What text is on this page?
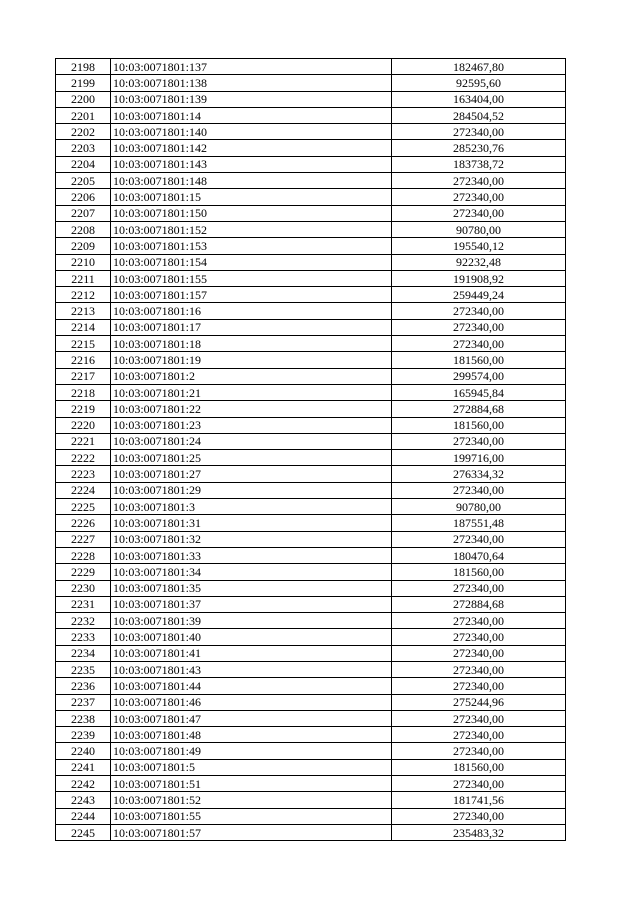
2198	10:03:0071801:137	182467,80
2199	10:03:0071801:138	92595,60
2200	10:03:0071801:139	163404,00
2201	10:03:0071801:14	284504,52
2202	10:03:0071801:140	272340,00
2203	10:03:0071801:142	285230,76
2204	10:03:0071801:143	183738,72
2205	10:03:0071801:148	272340,00
2206	10:03:0071801:15	272340,00
2207	10:03:0071801:150	272340,00
2208	10:03:0071801:152	90780,00
2209	10:03:0071801:153	195540,12
2210	10:03:0071801:154	92232,48
2211	10:03:0071801:155	191908,92
2212	10:03:0071801:157	259449,24
2213	10:03:0071801:16	272340,00
2214	10:03:0071801:17	272340,00
2215	10:03:0071801:18	272340,00
2216	10:03:0071801:19	181560,00
2217	10:03:0071801:2	299574,00
2218	10:03:0071801:21	165945,84
2219	10:03:0071801:22	272884,68
2220	10:03:0071801:23	181560,00
2221	10:03:0071801:24	272340,00
2222	10:03:0071801:25	199716,00
2223	10:03:0071801:27	276334,32
2224	10:03:0071801:29	272340,00
2225	10:03:0071801:3	90780,00
2226	10:03:0071801:31	187551,48
2227	10:03:0071801:32	272340,00
2228	10:03:0071801:33	180470,64
2229	10:03:0071801:34	181560,00
2230	10:03:0071801:35	272340,00
2231	10:03:0071801:37	272884,68
2232	10:03:0071801:39	272340,00
2233	10:03:0071801:40	272340,00
2234	10:03:0071801:41	272340,00
2235	10:03:0071801:43	272340,00
2236	10:03:0071801:44	272340,00
2237	10:03:0071801:46	275244,96
2238	10:03:0071801:47	272340,00
2239	10:03:0071801:48	272340,00
2240	10:03:0071801:49	272340,00
2241	10:03:0071801:5	181560,00
2242	10:03:0071801:51	272340,00
2243	10:03:0071801:52	181741,56
2244	10:03:0071801:55	272340,00
2245	10:03:0071801:57	235483,32
